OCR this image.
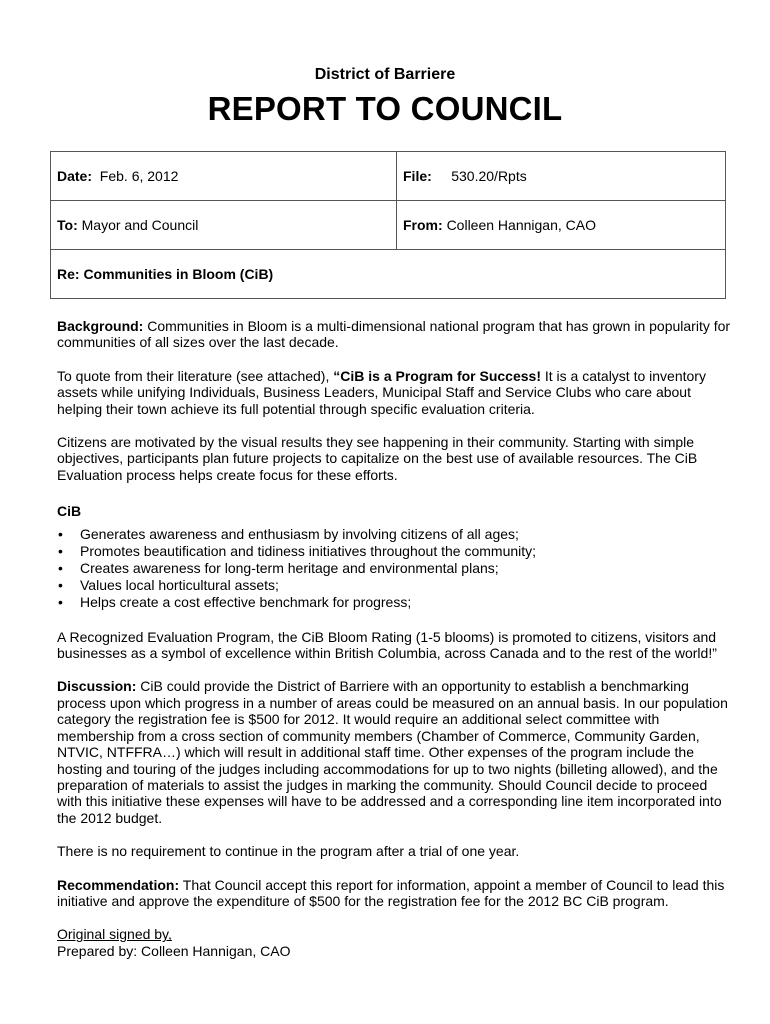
District of Barriere
REPORT TO COUNCIL
Date: Feb. 6, 2012	File: 530.20/Rpts
To: Mayor and Council	From: Colleen Hannigan, CAO
Re: Communities in Bloom (CiB)	

Background: Communities in Bloom is a multi-dimensional national program that has grown in popularity for

communities of all sizes over the last decade.

To quote from their literature (see attached), “CiB is a Program for Success! It is a catalyst to inventory

assets while unifying Individuals, Business Leaders, Municipal Staff and Service Clubs who care about

helping their town achieve its full potential through specific evaluation criteria.

Citizens are motivated by the visual results they see happening in their community. Starting with simple

objectives, participants plan future projects to capitalize on the best use of available resources. The CiB

Evaluation process helps create focus for these efforts.

CiB

• Generates awareness and enthusiasm by involving citizens of all ages;
• Promotes beautification and tidiness initiatives throughout the community;
• Creates awareness for long-term heritage and environmental plans;
• Values local horticultural assets;
• Helps create a cost effective benchmark for progress;

A Recognized Evaluation Program, the CiB Bloom Rating (1-5 blooms) is promoted to citizens, visitors and

businesses as a symbol of excellence within British Columbia, across Canada and to the rest of the world!”

Discussion: CiB could provide the District of Barriere with an opportunity to establish a benchmarking

process upon which progress in a number of areas could be measured on an annual basis. In our population

category the registration fee is $500 for 2012. It would require an additional select committee with

membership from a cross section of community members (Chamber of Commerce, Community Garden,

NTVIC, NTFFRA…) which will result in additional staff time. Other expenses of the program include the

hosting and touring of the judges including accommodations for up to two nights (billeting allowed), and the

preparation of materials to assist the judges in marking the community. Should Council decide to proceed

with this initiative these expenses will have to be addressed and a corresponding line item incorporated into

the 2012 budget.

There is no requirement to continue in the program after a trial of one year.

Recommendation: That Council accept this report for information, appoint a member of Council to lead this

initiative and approve the expenditure of $500 for the registration fee for the 2012 BC CiB program.

Original signed by,

Prepared by: Colleen Hannigan, CAO
